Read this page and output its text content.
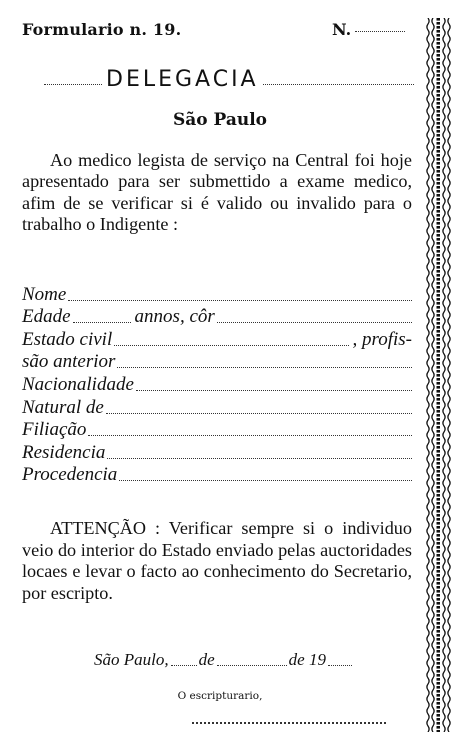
Formulario n. 19.	N.
DELEGACIA
São Paulo
Ao medico legista de serviço na Central foi hoje apresentado para ser submettido a exame medico, afim de se verificar si é valido ou invalido para o trabalho o Indigente :
Nome
Edade	annos, côr
Estado civil	, profis-
são anterior
Nacionalidade
Natural de
Filiação
Residencia
Procedencia
ATTENÇÃO : Verificar sempre si o individuo veio do interior do Estado enviado pelas auctoridades locaes e levar o facto ao conhecimento do Secretario, por escripto.
São Paulo, de	de 19
O escripturario,
